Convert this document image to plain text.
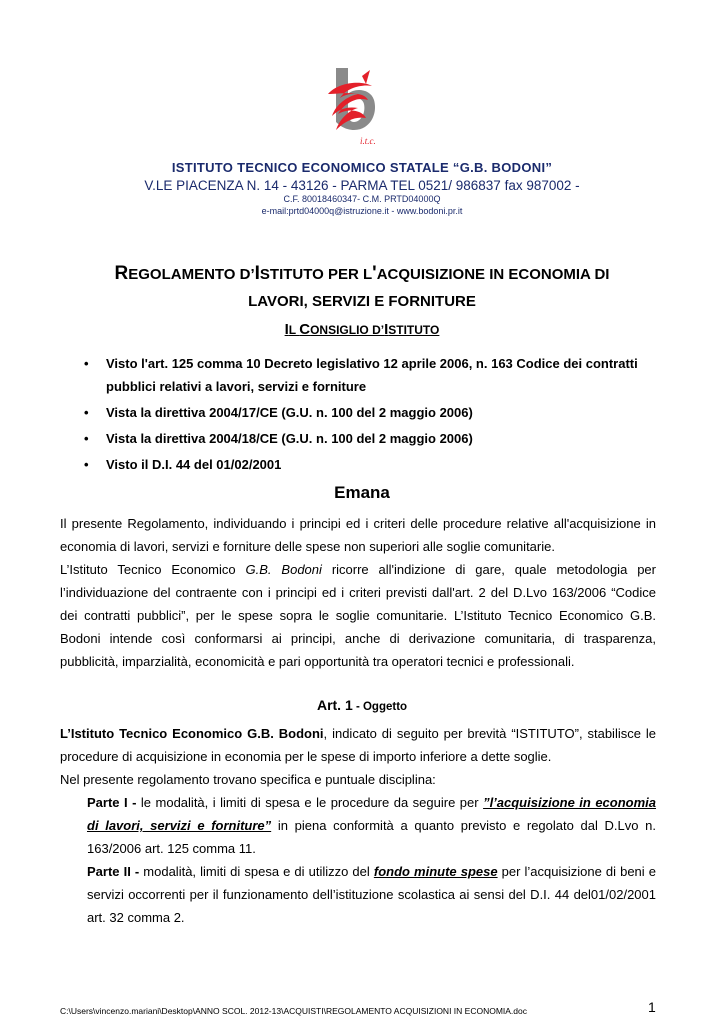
i.t.c.
ISTITUTO TECNICO ECONOMICO STATALE “G.B. BODONI”
V.LE PIACENZA N. 14 - 43126 - PARMA TEL 0521/ 986837 fax 987002 -
C.F. 80018460347- C.M. PRTD04000Q
e-mail:prtd04000q@istruzione.it - www.bodoni.pr.it
REGOLAMENTO D’ISTITUTO PER L'ACQUISIZIONE IN ECONOMIA DI
LAVORI, SERVIZI E FORNITURE
IL CONSIGLIO D’ISTITUTO
• Visto l'art. 125 comma 10 Decreto legislativo 12 aprile 2006, n. 163 Codice dei contratti pubblici relativi a lavori, servizi e forniture
• Vista la direttiva 2004/17/CE (G.U. n. 100 del 2 maggio 2006)
• Vista la direttiva 2004/18/CE (G.U. n. 100 del 2 maggio 2006)
• Visto il D.I. 44 del 01/02/2001
Emana
Il presente Regolamento, individuando i principi ed i criteri delle procedure relative all'acquisizione in economia di lavori, servizi e forniture delle spese non superiori alle soglie comunitarie.
L’Istituto Tecnico Economico G.B. Bodoni ricorre all'indizione di gare, quale metodologia per l’individuazione del contraente con i principi ed i criteri previsti dall'art. 2 del D.Lvo 163/2006 “Codice dei contratti pubblici”, per le spese sopra le soglie comunitarie. L’Istituto Tecnico Economico G.B. Bodoni intende così conformarsi ai principi, anche di derivazione comunitaria, di trasparenza, pubblicità, imparzialità, economicità e pari opportunità tra operatori tecnici e professionali.
Art. 1 - Oggetto
L’Istituto Tecnico Economico G.B. Bodoni, indicato di seguito per brevità “ISTITUTO”, stabilisce le procedure di acquisizione in economia per le spese di importo inferiore a dette soglie.
Nel presente regolamento trovano specifica e puntuale disciplina:
Parte I - le modalità, i limiti di spesa e le procedure da seguire per ”l’acquisizione in economia di lavori, servizi e forniture” in piena conformità a quanto previsto e regolato dal D.Lvo n. 163/2006 art. 125 comma 11.
Parte II - modalità, limiti di spesa e di utilizzo del fondo minute spese per l’acquisizione di beni e servizi occorrenti per il funzionamento dell’istituzione scolastica ai sensi del D.I. 44 del01/02/2001 art. 32 comma 2.
C:\Users\vincenzo.mariani\Desktop\ANNO SCOL. 2012-13\ACQUISTI\REGOLAMENTO ACQUISIZIONI IN ECONOMIA.doc	1
